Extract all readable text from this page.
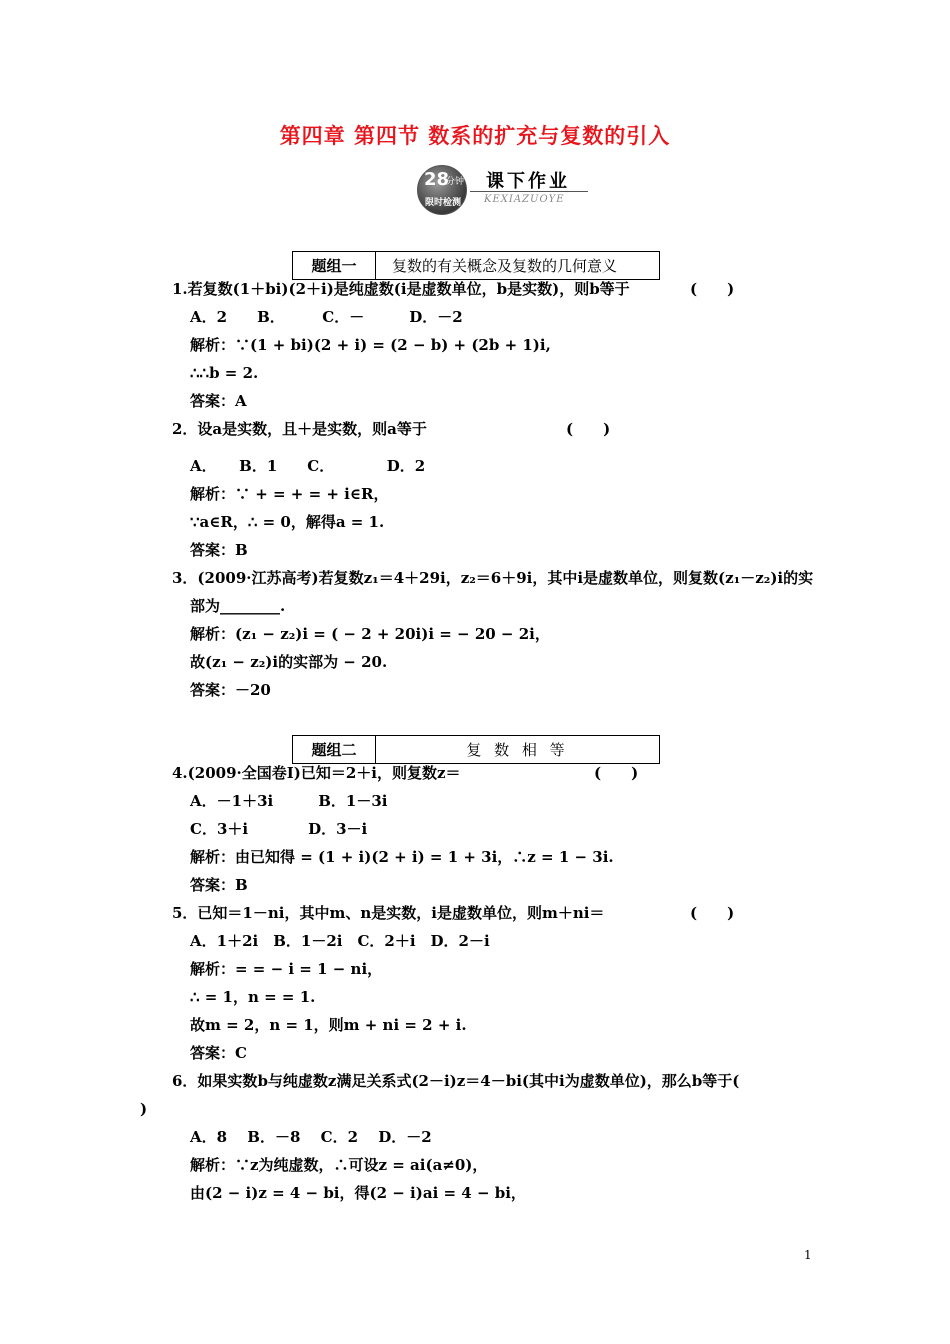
第四章 第四节 数系的扩充与复数的引入
28
分钟
限时检测
课下作业
KEXIAZUOYE
题组一	复数的有关概念及复数的几何意义
1.若复数(1＋bi)(2＋i)是纯虚数(i是虚数单位，b是实数)，则b等于	(　　)
A．2　　B．　　　C．－　　　D．－2
解析：∵(1 + bi)(2 + i) = (2 − b) + (2b + 1)i,
∴∴b = 2.
答案：A
2．设a是实数，且＋是实数，则a等于	(　　)
A．　　B．1　　C．　　　　D．2
解析：∵ + = + = + i∈R，
∵a∈R，∴ = 0，解得a = 1.
答案：B
3．(2009·江苏高考)若复数z₁＝4＋29i，z₂＝6＋9i，其中i是虚数单位，则复数(z₁－z₂)i的实
部为________.
解析：(z₁ − z₂)i = ( − 2 + 20i)i = − 20 − 2i，
故(z₁ − z₂)i的实部为 − 20.
答案：－20
题组二	复 数 相 等
4.(2009·全国卷Ⅰ)已知＝2＋i，则复数z＝	(　　)
A．－1＋3i　　　B．1－3i
C．3＋i　　　　D．3－i
解析：由已知得 = (1 + i)(2 + i) = 1 + 3i，∴z = 1 − 3i.
答案：B
5．已知＝1－ni，其中m、n是实数，i是虚数单位，则m＋ni＝	(　　)
A．1＋2i　B．1－2i　C．2＋i　D．2－i
解析：= = − i = 1 − ni，
∴ = 1，n = = 1.
故m = 2，n = 1，则m + ni = 2 + i.
答案：C
6．如果实数b与纯虚数z满足关系式(2－i)z＝4－bi(其中i为虚数单位)，那么b等于(
)
A．8　 B．－8　 C．2　 D．－2
解析：∵z为纯虚数，∴可设z = ai(a≠0)，
由(2 − i)z = 4 − bi，得(2 − i)ai = 4 − bi，
1
